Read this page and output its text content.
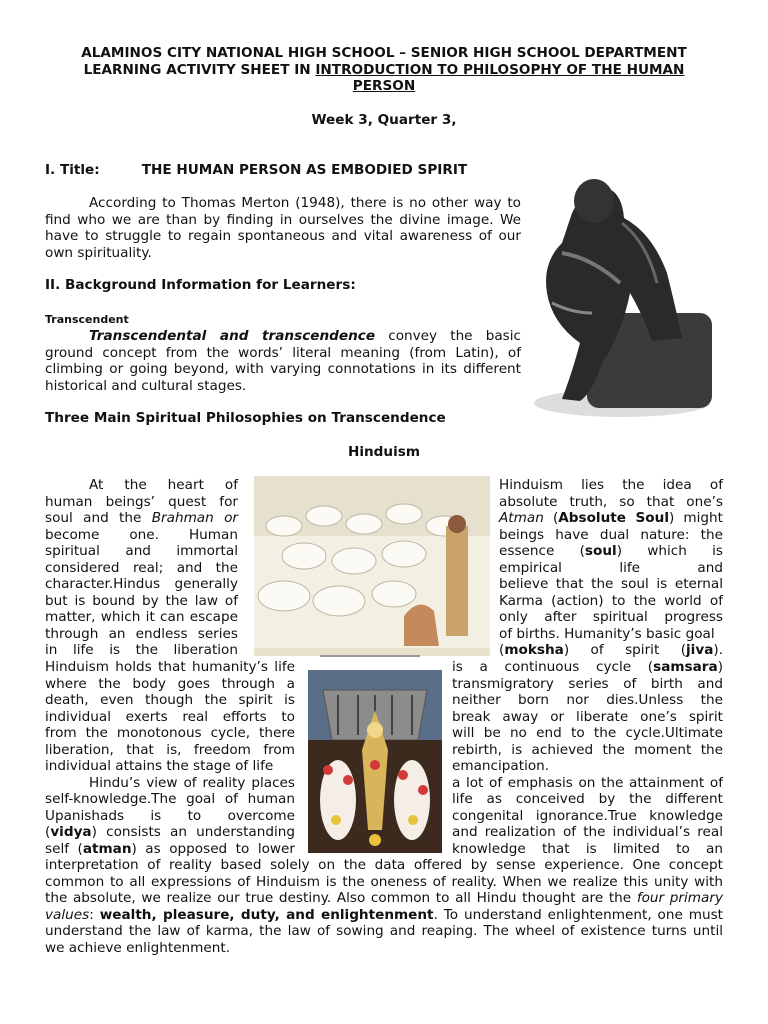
ALAMINOS CITY NATIONAL HIGH SCHOOL – SENIOR HIGH SCHOOL DEPARTMENT
LEARNING ACTIVITY SHEET IN INTRODUCTION TO PHILOSOPHY OF THE HUMAN
PERSON
Week 3, Quarter 3,
I. Title:	THE HUMAN PERSON AS EMBODIED SPIRIT
According to Thomas Merton (1948), there is no other way to find who we are than by finding in ourselves the divine image. We have to struggle to regain spontaneous and vital awareness of our own spirituality.
II. Background Information for Learners:
Transcendent
Transcendental and transcendence convey the basic ground concept from the words’ literal meaning (from Latin), of climbing or going beyond, with varying connotations in its different historical and cultural stages.
Three Main Spiritual Philosophies on Transcendence
Hinduism
At the heart of
human beings’ quest for
soul and the Brahman or
become one. Human
spiritual and immortal
considered real; and the
character.Hindus generally
but is bound by the law of
matter, which it can escape
through an endless series
in life is the liberation
Hinduism lies the idea of
absolute truth, so that one’s
Atman (Absolute Soul) might
beings have dual nature: the
essence (soul) which is
empirical life and
believe that the soul is eternal
Karma (action) to the world of
only after spiritual progress
of births. Humanity’s basic goal
(moksha) of spirit (jiva).
Hinduism holds that humanity’s life
where the body goes through a
death, even though the spirit is
individual exerts real efforts to
from the monotonous cycle, there
liberation, that is, freedom from
individual attains the stage of life
Hindu’s view of reality places
self-knowledge.The goal of human
Upanishads is to overcome
(vidya) consists an understanding
self (atman) as opposed to lower
is a continuous cycle (samsara)
transmigratory series of birth and
neither born nor dies.Unless the
break away or liberate one’s spirit
will be no end to the cycle.Ultimate
rebirth, is achieved the moment the
emancipation.
a lot of emphasis on the attainment of
life as conceived by the different
congenital ignorance.True knowledge
and realization of the individual’s real
knowledge that is limited to an
interpretation of reality based solely on the data offered by sense experience. One concept
common to all expressions of Hinduism is the oneness of reality. When we realize this unity with
the absolute, we realize our true destiny. Also common to all Hindu thought are the four primary
values: wealth, pleasure, duty, and enlightenment. To understand enlightenment, one must
understand the law of karma, the law of sowing and reaping. The wheel of existence turns until
we achieve enlightenment.
